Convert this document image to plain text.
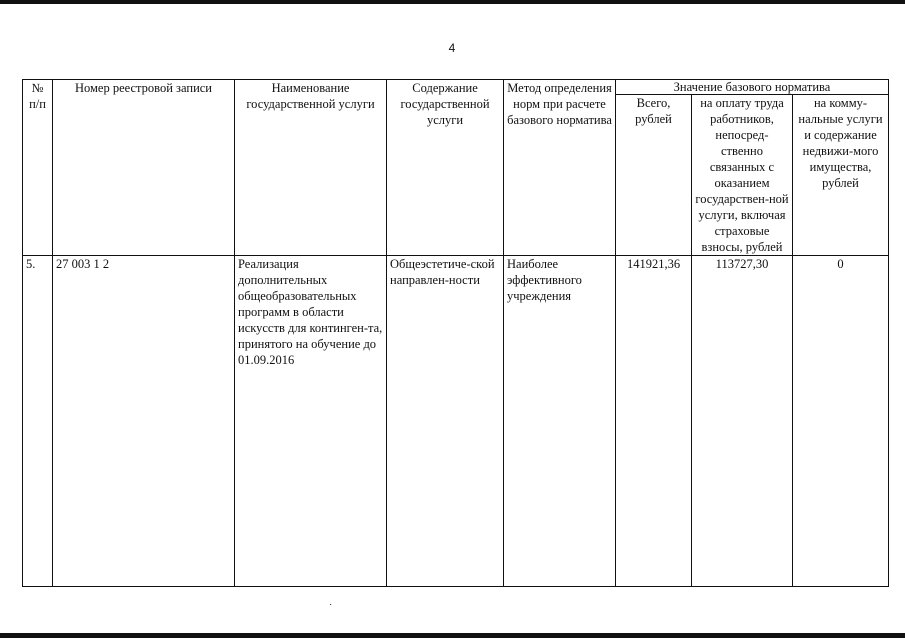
4
№ п/п	Номер реестровой записи	Наименование государственной услуги	Содержание государственной услуги	Метод определения норм при расчете базового норматива	Значение базового норматива		
					Всего, рублей	на оплату труда работников, непосред-ственно связанных с оказанием государствен-ной услуги, включая страховые взносы, рублей	на комму-нальные услуги и содержание недвижи-мого имущества, рублей
5.	27 003 1 2	Реализация дополнительных общеобразовательных программ в области искусств для континген-та, принятого на обучение до 01.09.2016	Общеэстетиче-ской направлен-ности	Наиболее эффективного учреждения	141921,36	113727,30	0
˙
